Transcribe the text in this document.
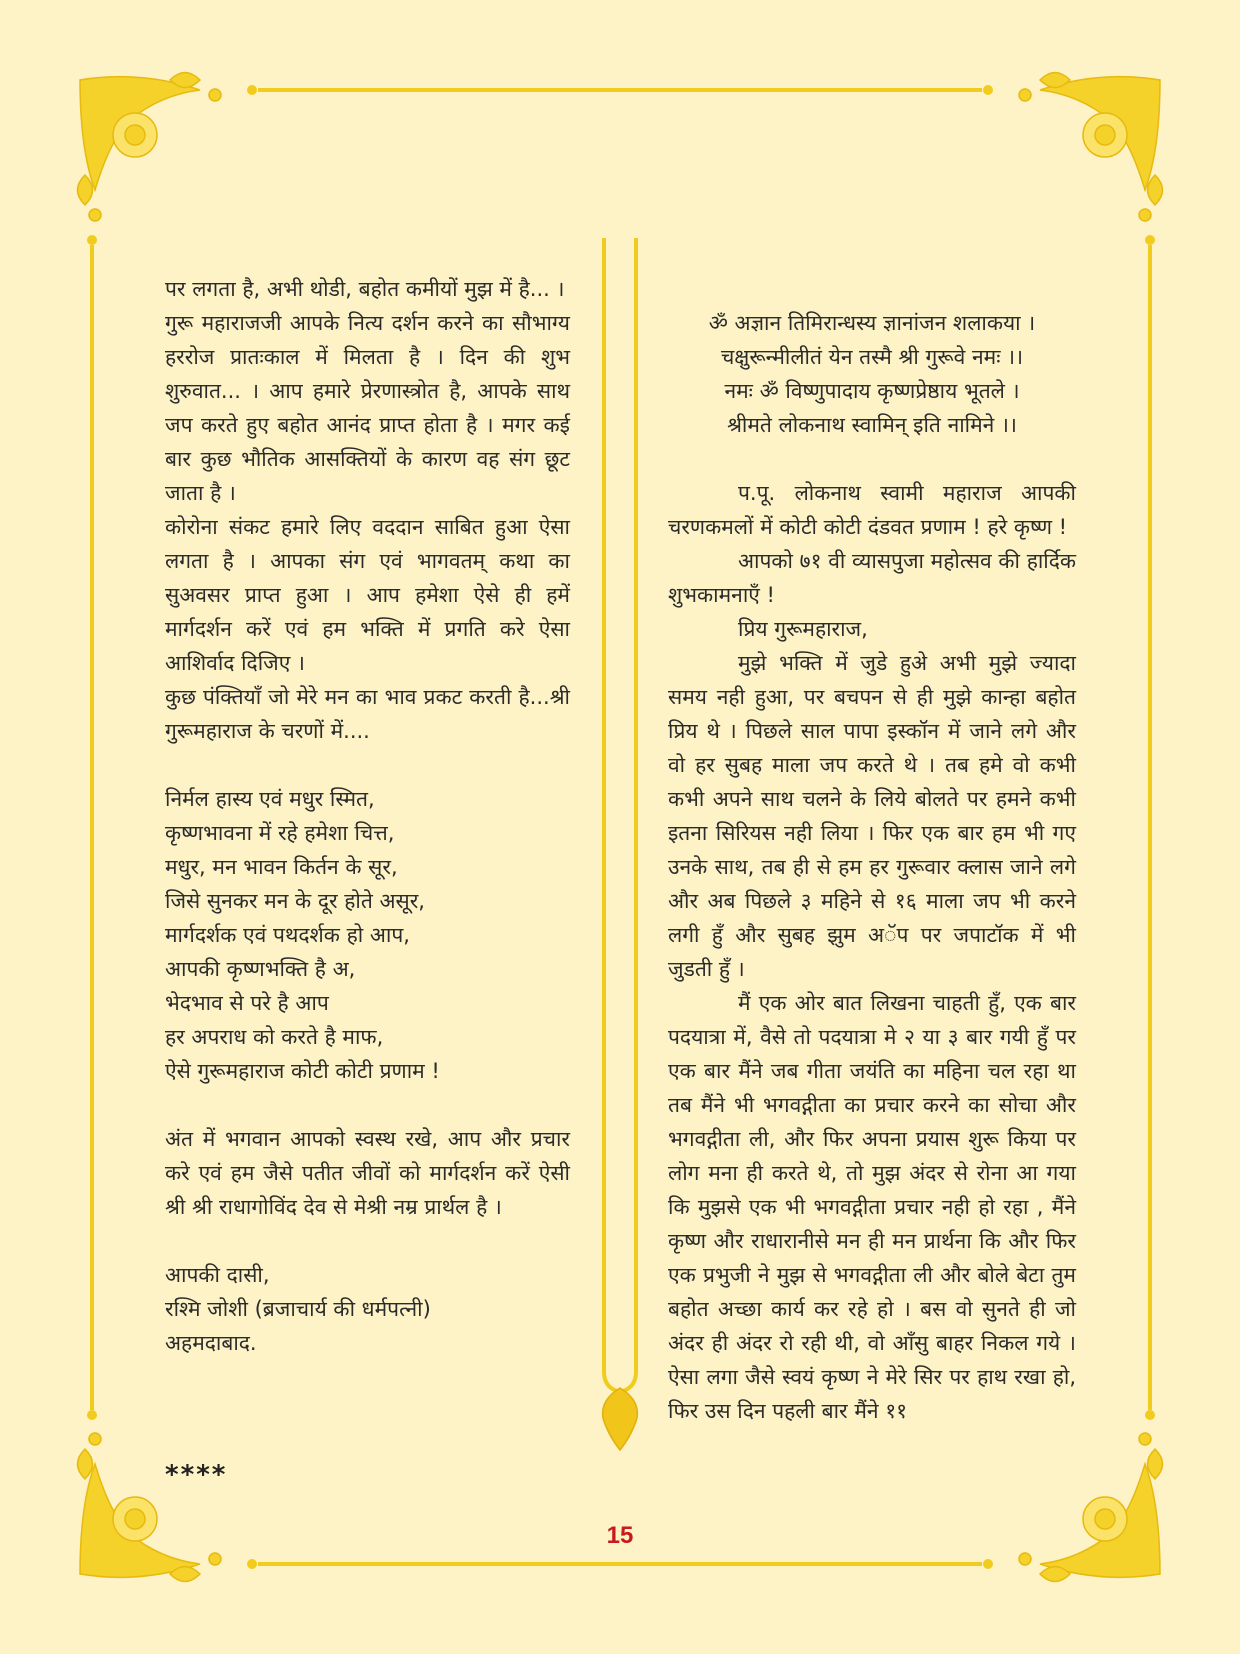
पर लगता है, अभी थोडी, बहोत कमीयों मुझ में है... ।

गुरू महाराजजी आपके नित्य दर्शन करने का सौभाग्य हररोज प्रातःकाल में मिलता है । दिन की शुभ शुरुवात... । आप हमारे प्रेरणास्त्रोत है, आपके साथ जप करते हुए बहोत आनंद प्राप्त होता है । मगर कई बार कुछ भौतिक आसक्तियों के कारण वह संग छूट जाता है ।

कोरोना संकट हमारे लिए वददान साबित हुआ ऐसा लगता है । आपका संग एवं भागवतम् कथा का सुअवसर प्राप्त हुआ । आप हमेशा ऐसे ही हमें मार्गदर्शन करें एवं हम भक्ति में प्रगति करे ऐसा आशिर्वाद दिजिए ।

कुछ पंक्तियाँ जो मेरे मन का भाव प्रकट करती है...श्री गुरूमहाराज के चरणों में....

निर्मल हास्य एवं मधुर स्मित,

कृष्णभावना में रहे हमेशा चित्त,

मधुर, मन भावन किर्तन के सूर,

जिसे सुनकर मन के दूर होते असूर,

मार्गदर्शक एवं पथदर्शक हो आप,

आपकी कृष्णभक्ति है अ,

भेदभाव से परे है आप

हर अपराध को करते है माफ,

ऐसे गुरूमहाराज कोटी कोटी प्रणाम !

अंत में भगवान आपको स्वस्थ रखे, आप और प्रचार करे एवं हम जैसे पतीत जीवों को मार्गदर्शन करें ऐसी श्री श्री राधागोविंद देव से मेश्री नम्र प्रार्थल है ।

आपकी दासी,

रश्मि जोशी (ब्रजाचार्य की धर्मपत्नी)

अहमदाबाद.

****

ॐ अज्ञान तिमिरान्धस्य ज्ञानांजन शलाकया ।

चक्षुरून्मीलीतं येन तस्मै श्री गुरूवे नमः ।।

नमः ॐ विष्णुपादाय कृष्णप्रेष्ठाय भूतले ।

श्रीमते लोकनाथ स्वामिन् इति नामिने ।।

प.पू. लोकनाथ स्वामी महाराज आपकी चरणकमलों में कोटी कोटी दंडवत प्रणाम ! हरे कृष्ण !

आपको ७१ वी व्यासपुजा महोत्सव की हार्दिक शुभकामनाएँ !

प्रिय गुरूमहाराज,

मुझे भक्ति में जुडे हुअे अभी मुझे ज्यादा समय नही हुआ, पर बचपन से ही मुझे कान्हा बहोत प्रिय थे । पिछले साल पापा इस्कॉन में जाने लगे और वो हर सुबह माला जप करते थे । तब हमे वो कभी कभी अपने साथ चलने के लिये बोलते पर हमने कभी इतना सिरियस नही लिया । फिर एक बार हम भी गए उनके साथ, तब ही से हम हर गुरूवार क्लास जाने लगे और अब पिछले ३ महिने से १६ माला जप भी करने लगी हुँ और सुबह झुम अॅप पर जपाटॉक में भी जुडती हुँ ।

मैं एक ओर बात लिखना चाहती हुँ, एक बार पदयात्रा में, वैसे तो पदयात्रा मे २ या ३ बार गयी हुँ पर एक बार मैंने जब गीता जयंति का महिना चल रहा था तब मैंने भी भगवद्गीता का प्रचार करने का सोचा और भगवद्गीता ली, और फिर अपना प्रयास शुरू किया पर लोग मना ही करते थे, तो मुझ अंदर से रोना आ गया कि मुझसे एक भी भगवद्गीता प्रचार नही हो रहा , मैंने कृष्ण और राधारानीसे मन ही मन प्रार्थना कि और फिर एक प्रभुजी ने मुझ से भगवद्गीता ली और बोले बेटा तुम बहोत अच्छा कार्य कर रहे हो । बस वो सुनते ही जो अंदर ही अंदर रो रही थी, वो आँसु बाहर निकल गये । ऐसा लगा जैसे स्वयं कृष्ण ने मेरे सिर पर हाथ रखा हो, फिर उस दिन पहली बार मैंने ११

15
